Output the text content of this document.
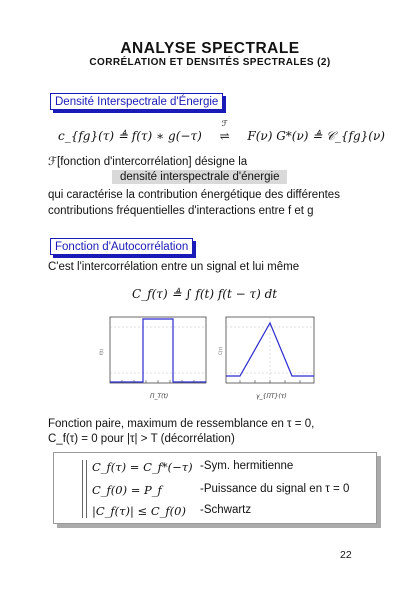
ANALYSE SPECTRALE
CORRÉLATION ET DENSITÉS SPECTRALES (2)
Densité Interspectrale d'Énergie
c_{fg}(τ) ≜ f(τ) ∗ g(−τ)
ℱ
⇌ F(ν) G*(ν) ≜ 𝒞_{fg}(ν)
ℱ[fonction d'intercorrélation] désigne la
densité interspectrale d'énergie
qui caractérise la contribution énergétique des différentes
contributions fréquentielles d'interactions entre f et g
Fonction d'Autocorrélation
C'est l'intercorrélation entre un signal et lui même
C_f(τ) ≜ ∫ f(t) f(t − τ) dt
f(t)
Π_T(t)
C(τ)
γ_{ΠT}(τ)
Fonction paire, maximum de ressemblance en τ = 0,
C_f(τ) = 0 pour |τ| > T (décorrélation)
C_f(τ) = C_f*(−τ) -Sym. hermitienne
C_f(0) = P_f	-Puissance du signal en τ = 0
|C_f(τ)| ≤ C_f(0) -Schwartz
22
